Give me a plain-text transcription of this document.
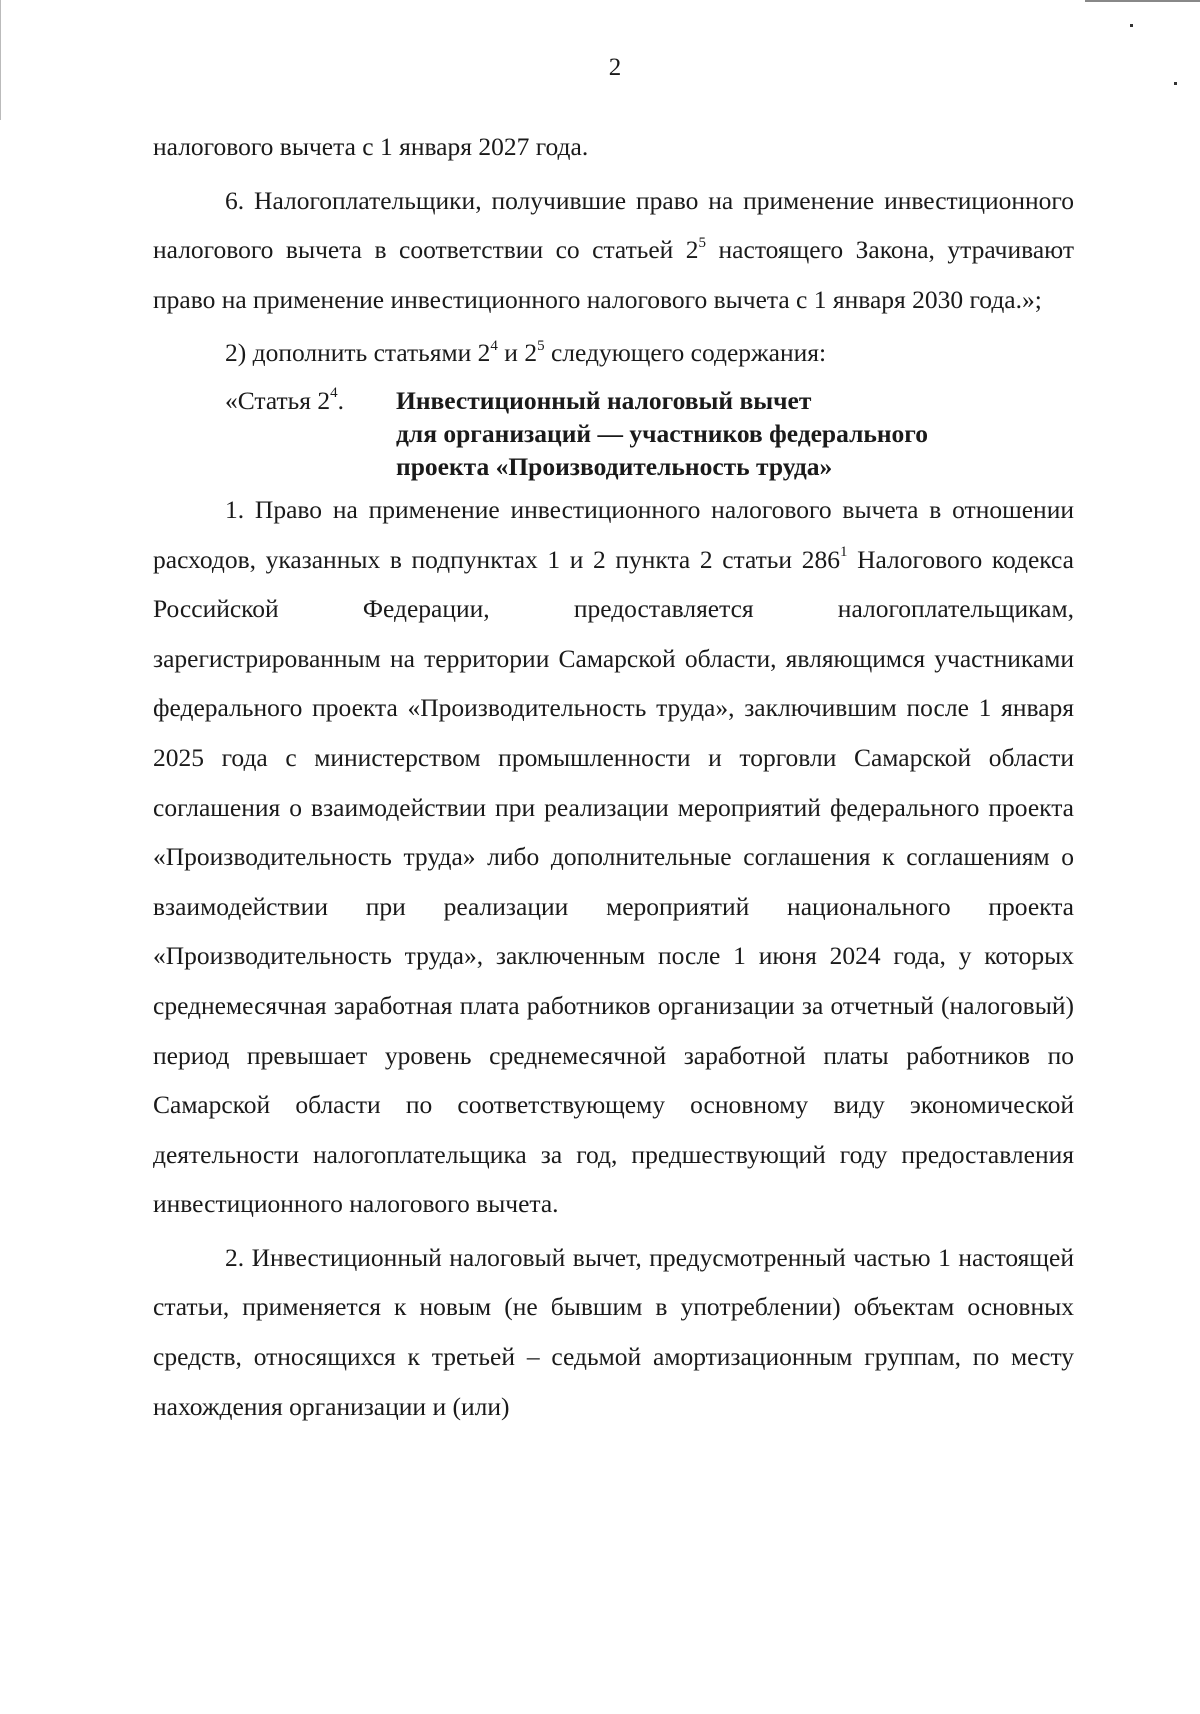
2

налогового вычета с 1 января 2027 года.

6. Налогоплательщики, получившие право на применение инвестиционного налогового вычета в соответствии со статьей $2^5$ настоящего Закона, утрачивают право на применение инвестиционного налогового вычета с 1 января 2030 года.»;

2) дополнить статьями $2^4$ и $2^5$ следующего содержания:

«Статья $2^4$.	Инвестиционный налоговый вычет
для организаций — участников федерального
проекта «Производительность труда»

1. Право на применение инвестиционного налогового вычета в отношении расходов, указанных в подпунктах 1 и 2 пункта 2 статьи $286^1$ Налогового кодекса Российской Федерации, предоставляется налогоплательщикам, зарегистрированным на территории Самарской области, являющимся участниками федерального проекта «Производительность труда», заключившим после 1 января 2025 года с министерством промышленности и торговли Самарской области соглашения о взаимодействии при реализации мероприятий федерального проекта «Производительность труда» либо дополнительные соглашения к соглашениям о взаимодействии при реализации мероприятий национального проекта «Производительность труда», заключенным после 1 июня 2024 года, у которых среднемесячная заработная плата работников организации за отчетный (налоговый) период превышает уровень среднемесячной заработной платы работников по Самарской области по соответствующему основному виду экономической деятельности налогоплательщика за год, предшествующий году предоставления инвестиционного налогового вычета.

2. Инвестиционный налоговый вычет, предусмотренный частью 1 настоящей статьи, применяется к новым (не бывшим в употреблении) объектам основных средств, относящихся к третьей – седьмой амортизационным группам, по месту нахождения организации и (или)
